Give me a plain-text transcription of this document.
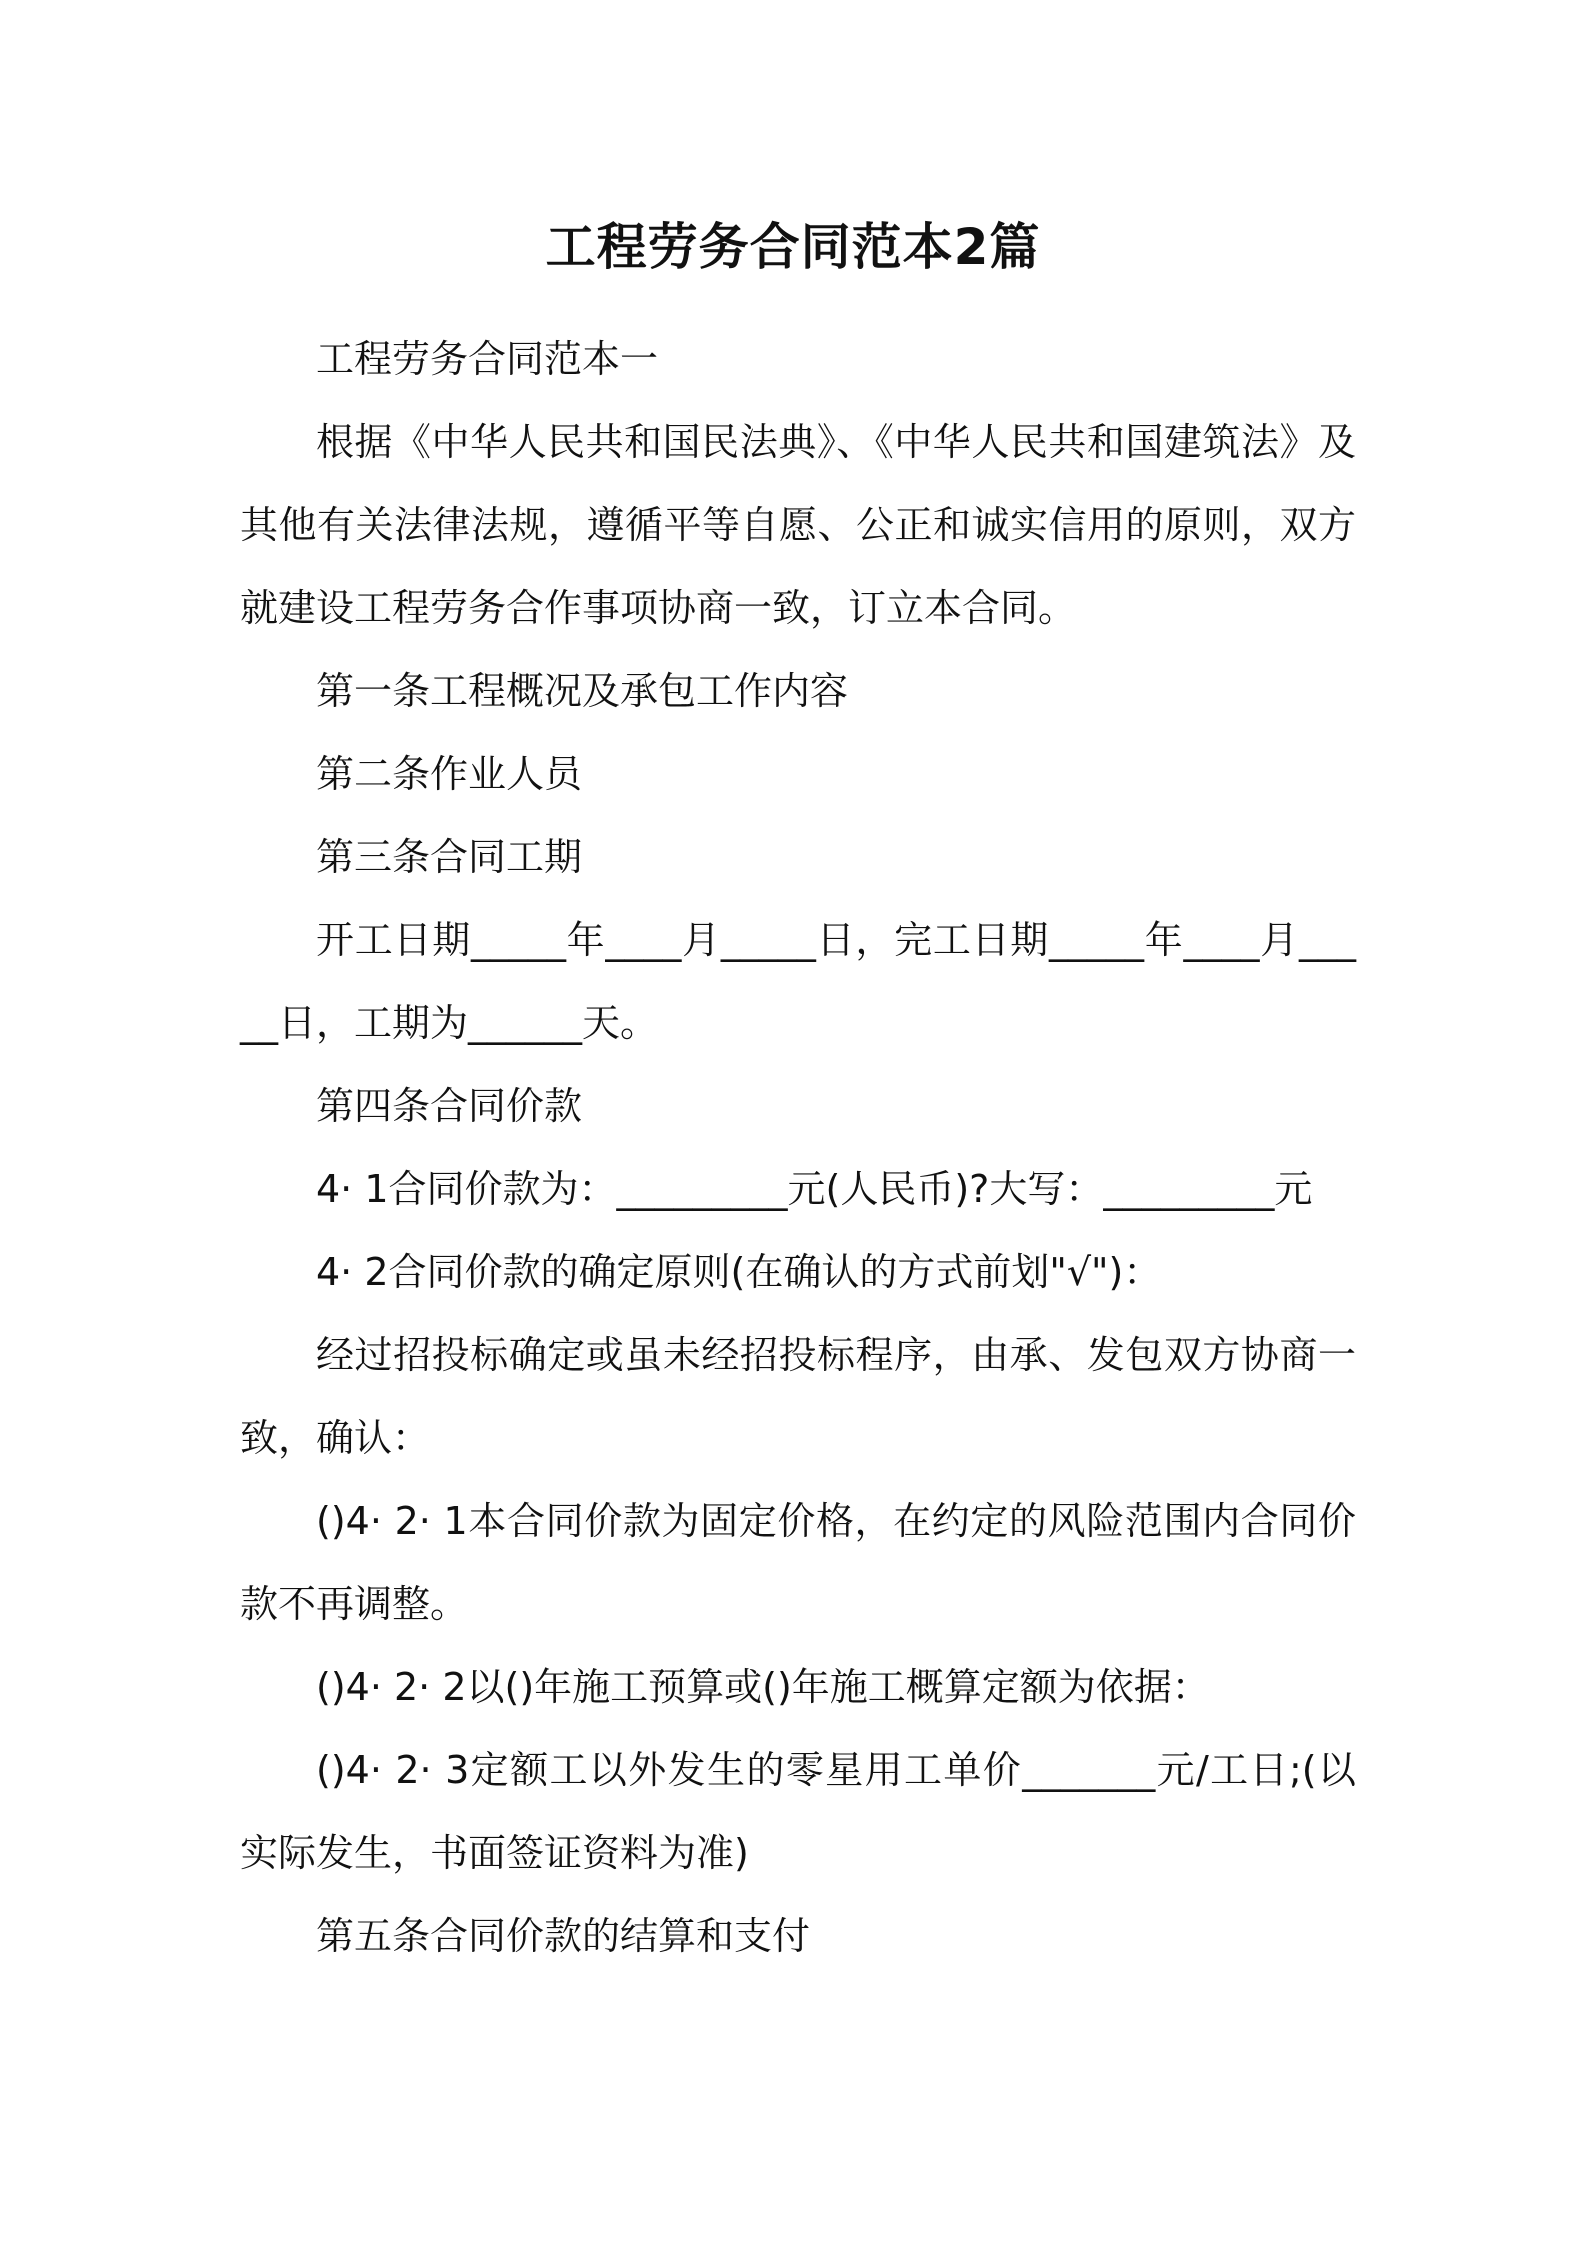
工程劳务合同范本2篇

工程劳务合同范本一

根据《中华人民共和国民法典》、《中华人民共和国建筑法》及其他有关法律法规，遵循平等自愿、公正和诚实信用的原则，双方就建设工程劳务合作事项协商一致，订立本合同。

第一条工程概况及承包工作内容

第二条作业人员

第三条合同工期

开工日期_____年____月_____日，完工日期_____年____月_____日，工期为______天。

第四条合同价款

4· 1合同价款为：_________元(人民币)?大写：_________元

4· 2合同价款的确定原则(在确认的方式前划"√")：

经过招投标确定或虽未经招投标程序，由承、发包双方协商一致，确认：

()4· 2· 1本合同价款为固定价格，在约定的风险范围内合同价款不再调整。

()4· 2· 2以()年施工预算或()年施工概算定额为依据：

()4· 2· 3定额工以外发生的零星用工单价_______元/工日;(以实际发生，书面签证资料为准)

第五条合同价款的结算和支付
